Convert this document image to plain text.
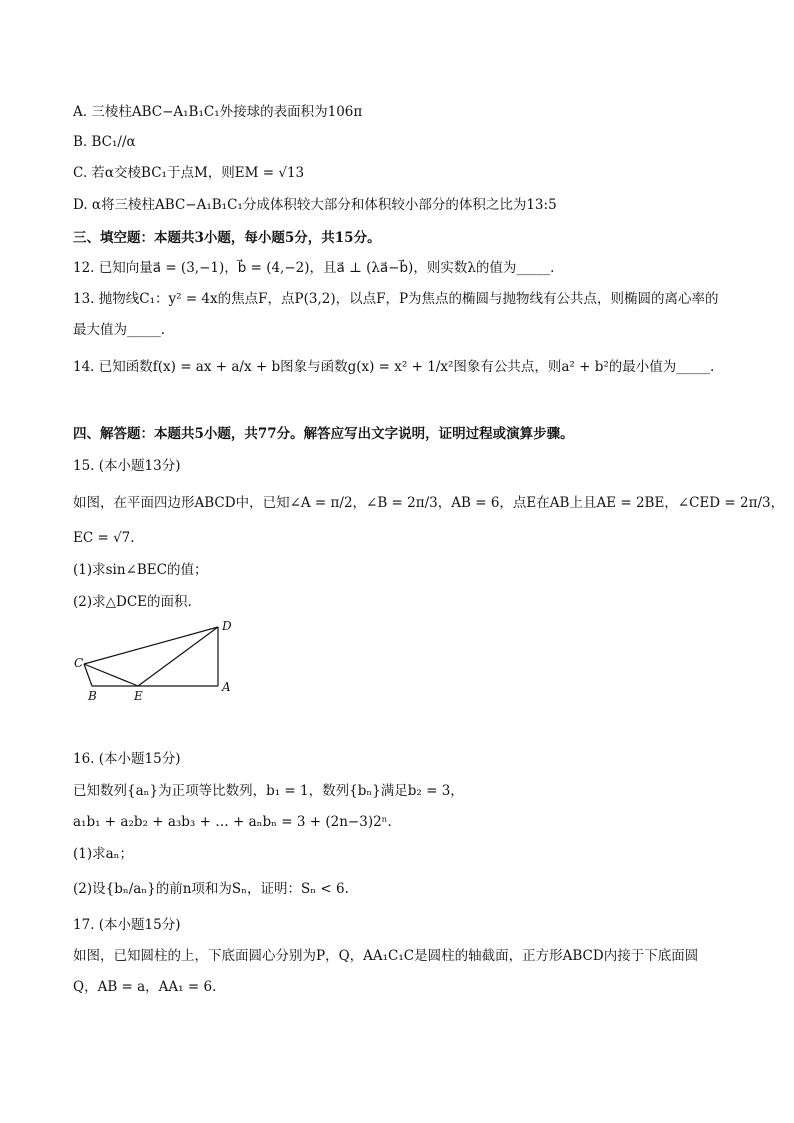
A. 三棱柱ABC−A₁B₁C₁外接球的表面积为106π
B. BC₁//α
C. 若α交棱BC₁于点M，则EM = √13
D. α将三棱柱ABC−A₁B₁C₁分成体积较大部分和体积较小部分的体积之比为13:5
三、填空题：本题共3小题，每小题5分，共15分。
12. 已知向量a⃗ = (3,−1)，b⃗ = (4,−2)，且a⃗ ⊥ (λa⃗−b⃗)，则实数λ的值为_____.
13. 抛物线C₁：y² = 4x的焦点F，点P(3,2)，以点F，P为焦点的椭圆与抛物线有公共点，则椭圆的离心率的
最大值为_____.
14. 已知函数f(x) = ax + a/x + b图象与函数g(x) = x² + 1/x²图象有公共点，则a² + b²的最小值为_____.
四、解答题：本题共5小题，共77分。解答应写出文字说明，证明过程或演算步骤。
15. (本小题13分)
如图，在平面四边形ABCD中，已知∠A = π/2，∠B = 2π/3，AB = 6，点E在AB上且AE = 2BE，∠CED = 2π/3，
EC = √7.
(1)求sin∠BEC的值；
(2)求△DCE的面积.
D
C
B	E
A
16. (本小题15分)
已知数列{aₙ}为正项等比数列，b₁ = 1，数列{bₙ}满足b₂ = 3，
a₁b₁ + a₂b₂ + a₃b₃ + … + aₙbₙ = 3 + (2n−3)2ⁿ.
(1)求aₙ；
(2)设{bₙ/aₙ}的前n项和为Sₙ，证明：Sₙ < 6.
17. (本小题15分)
如图，已知圆柱的上，下底面圆心分别为P，Q，AA₁C₁C是圆柱的轴截面，正方形ABCD内接于下底面圆
Q，AB = a，AA₁ = 6.
